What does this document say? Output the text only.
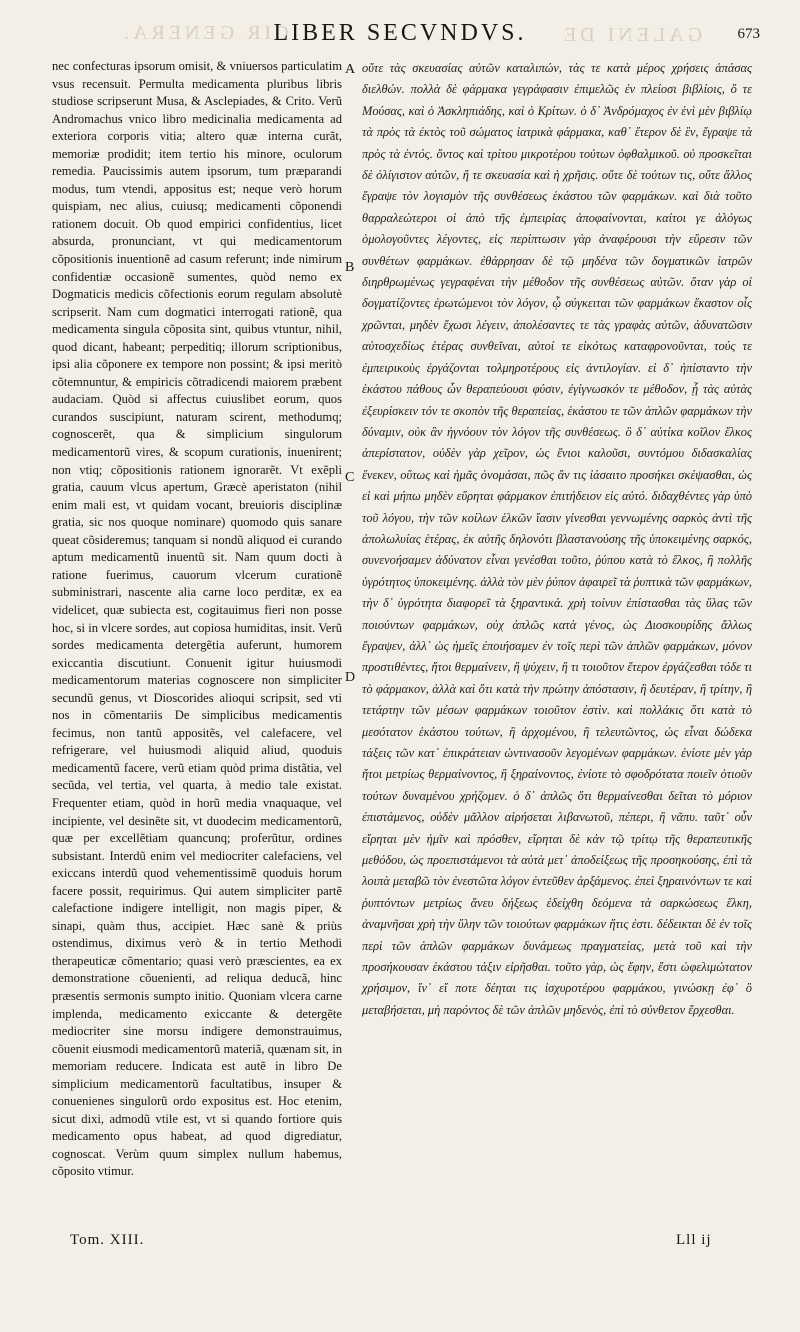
CIR GENERA.	GALENI DE
LIBER SECVNDVS.	673

nec confecturas ipsorum omisit, & vniuersos particulatim vsus recensuit. Permulta medicamenta pluribus libris studiose scripserunt Musa, & Asclepiades, & Crito. Verũ Andromachus vnico libro medicinalia medicamenta ad exteriora corporis vitia; altero quæ interna curãt, memoriæ prodidit; item tertio his minore, oculorum remedia. Paucissimis autem ipsorum, tum præparandi modus, tum vtendi, appositus est; neque verò horum quispiam, nec alius, cuiusq; medicamenti cõponendi rationem docuit. Ob quod empirici confidentius, licet absurda, pronunciant, vt qui medicamentorum cõpositionis inuentionẽ ad casum referunt; inde nimirum confidentiæ occasionẽ sumentes, quòd nemo ex Dogmaticis medicis cõfectionis eorum regulam absolutè scripserit. Nam cum dogmatici interrogati rationẽ, qua medicamenta singula cõposita sint, quibus vtuntur, nihil, quod dicant, habeant; perpeditiq; illorum scriptionibus, ipsi alia cõponere ex tempore non possint; & ipsi meritò cõtemnuntur, & empiricis cõtradicendi maiorem præbent audaciam. Quòd si affectus cuiuslibet eorum, quos curandos suscipiunt, naturam scirent, methodumq; cognoscerẽt, qua & simplicium singulorum medicamentorũ vires, & scopum curationis, inuenirent; non vtiq; cõpositionis rationem ignorarẽt. Vt exẽpli gratia, cauum vlcus apertum, Græcè aperistaton (nihil enim mali est, vt quidam vocant, breuioris disciplinæ gratia, sic nos quoque nominare) quomodo quis sanare queat cõsideremus; tanquam si nondũ aliquod ei curando aptum medicamentũ inuentũ sit. Nam quum docti à ratione fuerimus, cauorum vlcerum curationẽ subministrari, nascente alia carne loco perditæ, ex ea videlicet, quæ subiecta est, cogitauimus fieri non posse hoc, si in vlcere sordes, aut copiosa humiditas, insit. Verũ sordes medicamenta detergẽtia auferunt, humorem exiccantia discutiunt. Conuenit igitur huiusmodi medicamentorum materias cognoscere non simpliciter secundũ genus, vt Dioscorides alioqui scripsit, sed vti nos in cõmentariis De simplicibus medicamentis fecimus, non tantũ appositẽs, vel calefacere, vel refrigerare, vel huiusmodi aliquid aliud, quoduis medicamentũ facere, verũ etiam quòd prima distãtia, vel secũda, vel tertia, vel quarta, à medio tale existat. Frequenter etiam, quòd in horũ media vnaquaque, vel incipiente, vel desinẽte sit, vt duodecim medicamentorũ, quæ per excellẽtiam quancunq; proferũtur, ordines subsistant. Interdũ enim vel mediocriter calefaciens, vel exiccans interdũ quod vehementissimẽ quoduis horum facere possit, requirimus. Qui autem simpliciter partẽ calefactione indigere intelligit, non magis piper, & sinapi, quàm thus, accipiet. Hæc sanè & priùs ostendimus, diximus verò & in tertio Methodi therapeuticæ cõmentario; quasi verò præscientes, ea ex demonstratione cõuenienti, ad reliqua deducã, hinc præsentis sermonis sumpto initio. Quoniam vlcera carne implenda, medicamento exiccante & detergẽte mediocriter sine morsu indigere demonstrauimus, cõuenit eiusmodi medicamentorũ materiã, quænam sit, in memoriam reducere. Indicata est autẽ in libro De simplicium medicamentorũ facultatibus, insuper & conuenienes singulorũ ordo expositus est. Hoc etenim, sicut dixi, admodũ vtile est, vt si quando fortiore quis medicamento opus habeat, ad quod digrediatur, cognoscat. Verùm quum simplex nullum habemus, cõposito vtimur.

A
B
C
D

οὔτε τὰς σκευασίας αὐτῶν καταλιπών, τὰς τε κατὰ μέρος χρήσεις ἁπάσας διελθών. πολλὰ δὲ φάρμακα γεγράφασιν ἐπιμελῶς ἐν πλείοσι βιβλίοις, ὅ τε Μούσας, καὶ ὁ Ἀσκληπιάδης, καὶ ὁ Κρίτων. ὁ δ᾽ Ἀνδρόμαχος ἐν ἑνὶ μὲν βιβλίῳ τὰ πρὸς τὰ ἐκτὸς τοῦ σώματος ἰατρικὰ φάρμακα, καθ᾽ ἕτερον δὲ ἓν, ἔγραψε τὰ πρὸς τὰ ἐντός. ὄντος καὶ τρίτου μικροτέρου τούτων ὀφθαλμικοῦ. οὐ προσκεῖται δὲ ὀλίγιστον αὐτῶν, ἥ τε σκευασία καὶ ἡ χρῆσις. οὔτε δὲ τούτων τις, οὔτε ἄλλος ἔγραψε τὸν λογισμὸν τῆς συνθέσεως ἑκάστου τῶν φαρμάκων. καὶ διὰ τοῦτο θαρραλεώτεροι οἱ ἀπὸ τῆς ἐμπειρίας ἀποφαίνονται, καίτοι γε ἀλόγως ὁμολογοῦντες λέγοντες, εἰς περίπτωσιν γὰρ ἀναφέρουσι τὴν εὕρεσιν τῶν συνθέτων φαρμάκων. ἐθάρρησαν δὲ τῷ μηδένα τῶν δογματικῶν ἰατρῶν διηρθρωμένως γεγραφέναι τὴν μέθοδον τῆς συνθέσεως αὐτῶν. ὅταν γὰρ οἱ δογματίζοντες ἐρωτώμενοι τὸν λόγον, ᾧ σύγκειται τῶν φαρμάκων ἕκαστον οἷς χρῶνται, μηδὲν ἔχωσι λέγειν, ἀπολέσαντες τε τὰς γραφὰς αὐτῶν, ἀδυνατῶσιν αὐτοσχεδίως ἑτέρας συνθεῖναι, αὐτοί τε εἰκότως καταφρονοῦνται, τούς τε ἐμπειρικοὺς ἐργάζονται τολμηροτέρους εἰς ἀντιλογίαν. εἰ δ᾽ ἠπίσταντο τὴν ἑκάστου πάθους ὧν θεραπεύουσι φύσιν, ἐγίγνωσκόν τε μέθοδον, ᾗ τὰς αὐτὰς ἐξευρίσκειν τόν τε σκοπὸν τῆς θεραπείας, ἑκάστου τε τῶν ἁπλῶν φαρμάκων τὴν δύναμιν, οὐκ ἂν ἠγνόουν τὸν λόγον τῆς συνθέσεως. ὃ δ᾽ αὐτίκα κοῖλον ἕλκος ἀπερίστατον, οὐδὲν γὰρ χεῖρον, ὡς ἔνιοι καλοῦσι, συντόμου διδασκαλίας ἕνεκεν, οὕτως καὶ ἡμᾶς ὀνομάσαι, πῶς ἄν τις ἰάσαιτο προσήκει σκέψασθαι, ὡς εἰ καὶ μήπω μηδὲν εὕρηται φάρμακον ἐπιτήδειον εἰς αὐτό. διδαχθέντες γὰρ ὑπὸ τοῦ λόγου, τὴν τῶν κοίλων ἑλκῶν ἴασιν γίνεσθαι γεννωμένης σαρκὸς ἀντὶ τῆς ἀπολωλυίας ἑτέρας, ἐκ αὐτῆς δηλονότι βλαστανούσης τῆς ὑποκειμένης σαρκός, συνενοήσαμεν ἀδύνατον εἶναι γενέσθαι τοῦτο, ῥύπου κατὰ τὸ ἕλκος, ἢ πολλῆς ὑγρότητος ὑποκειμένης. ἀλλὰ τὸν μὲν ῥύπον ἀφαιρεῖ τὰ ῥυπτικὰ τῶν φαρμάκων, τὴν δ᾽ ὑγρότητα διαφορεῖ τὰ ξηραντικά. χρὴ τοίνυν ἐπίστασθαι τὰς ὕλας τῶν ποιούντων φαρμάκων, οὐχ ἁπλῶς κατὰ γένος, ὡς Διοσκουρίδης ἄλλως ἔγραψεν, ἀλλ᾽ ὡς ἡμεῖς ἐποιήσαμεν ἐν τοῖς περὶ τῶν ἁπλῶν φαρμάκων, μόνον προστιθέντες, ἤτοι θερμαίνειν, ἢ ψύχειν, ἢ τι τοιοῦτον ἕτερον ἐργάζεσθαι τόδε τι τὸ φάρμακον, ἀλλὰ καὶ ὅτι κατὰ τὴν πρώτην ἀπόστασιν, ἢ δευτέραν, ἢ τρίτην, ἢ τετάρτην τῶν μέσων φαρμάκων τοιοῦτον ἐστὶν. καὶ πολλάκις ὅτι κατὰ τὸ μεσότατον ἑκάστου τούτων, ἢ ἀρχομένου, ἢ τελευτῶντος, ὡς εἶναι δώδεκα τάξεις τῶν κατ᾽ ἐπικράτειαν ὡντινασοῦν λεγομένων φαρμάκων. ἐνίοτε μὲν γὰρ ἤτοι μετρίως θερμαίνοντος, ἢ ξηραίνοντος, ἐνίοτε τὸ σφοδρότατα ποιεῖν ὁτιοῦν τούτων δυναμένου χρήζομεν. ὁ δ᾽ ἁπλῶς ὅτι θερμαίνεσθαι δεῖται τὸ μόριον ἐπιστάμενος, οὐδὲν μᾶλλον αἱρήσεται λιβανωτοῦ, πέπερι, ἢ νᾶπυ. ταῦτ᾽ οὖν εἴρηται μὲν ἡμῖν καὶ πρόσθεν, εἴρηται δὲ κἀν τῷ τρίτῳ τῆς θεραπευτικῆς μεθόδου, ὡς προεπιστάμενοι τὰ αὐτὰ μετ᾽ ἀποδείξεως τῆς προσηκούσης, ἐπὶ τὰ λοιπὰ μεταβῶ τὸν ἐνεστῶτα λόγον ἐντεῦθεν ἀρξάμενος. ἐπεὶ ξηραινόντων τε καὶ ῥυπτόντων μετρίως ἄνευ δήξεως ἐδείχθη δεόμενα τὰ σαρκώσεως ἕλκη, ἀναμνῆσαι χρὴ τὴν ὕλην τῶν τοιούτων φαρμάκων ἥτις ἐστι. δέδεικται δὲ ἐν τοῖς περὶ τῶν ἁπλῶν φαρμάκων δυνάμεως πραγματείας, μετὰ τοῦ καὶ τὴν προσήκουσαν ἑκάστου τάξιν εἰρῆσθαι. τοῦτο γὰρ, ὡς ἔφην, ἔστι ὠφελιμώτατον χρήσιμον, ἵν᾽ εἴ ποτε δέηται τις ἰσχυροτέρου φαρμάκου, γινώσκῃ ἐφ᾽ ὃ μεταβήσεται, μὴ παρόντος δὲ τῶν ἁπλῶν μηδενὸς, ἐπὶ τὸ σύνθετον ἔρχεσθαι.

Tom. XIII.	Lll ij
